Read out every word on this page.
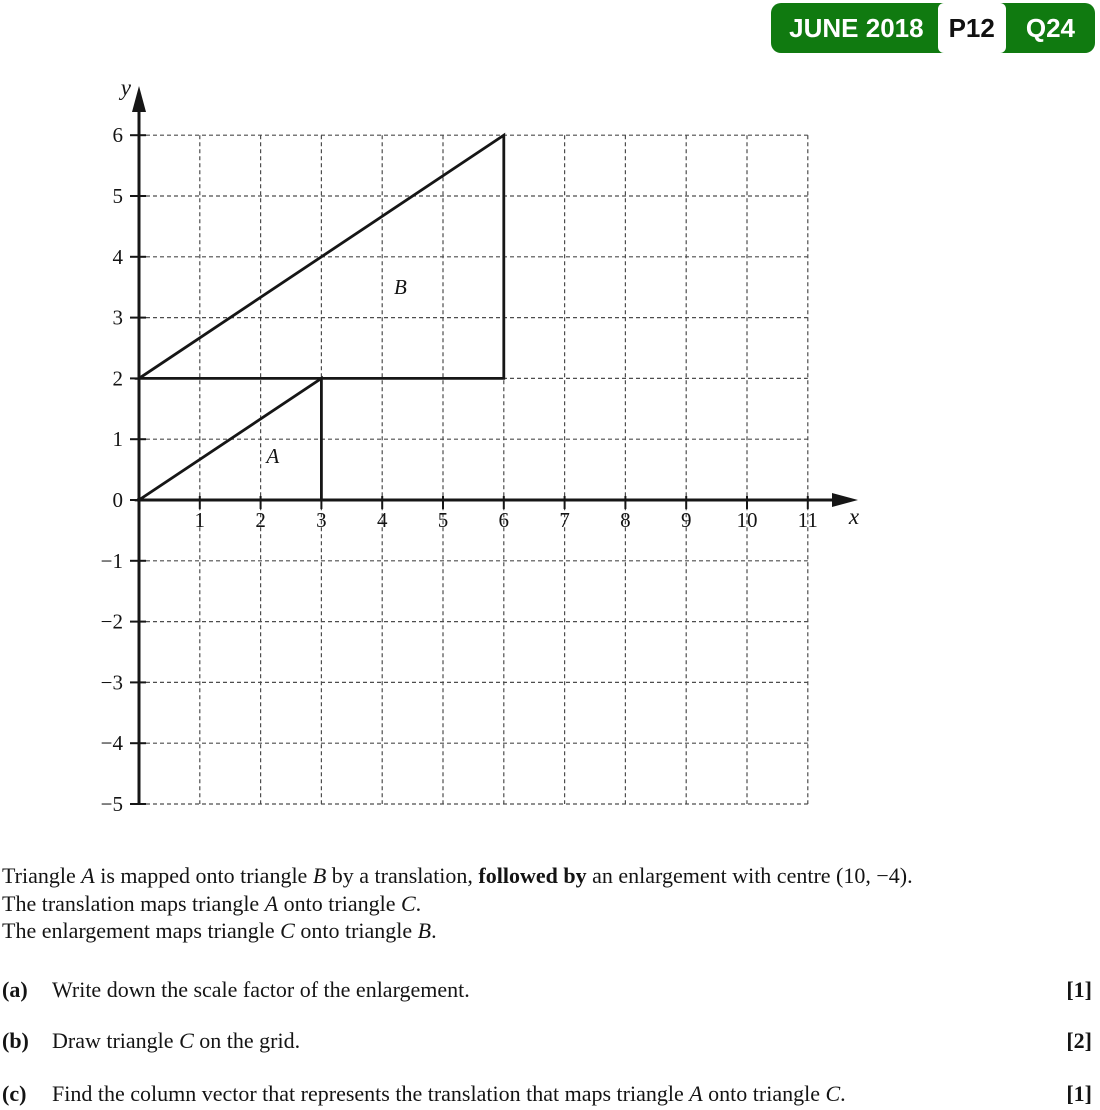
JUNE 2018 P12	Q24
1 2 3 4 5 6 7 8 9 10 11
6
5
4
3
2
1
0
−1
−2
−3
−4
−5
y
x
A
B

Triangle A is mapped onto triangle B by a translation, followed by an enlargement with centre (10, −4).

The translation maps triangle A onto triangle C.

The enlargement maps triangle C onto triangle B.

(a)	Write down the scale factor of the enlargement.	[1]
(b)	Draw triangle C on the grid.	[2]
(c)	Find the column vector that represents the translation that maps triangle A onto triangle C.	[1]
